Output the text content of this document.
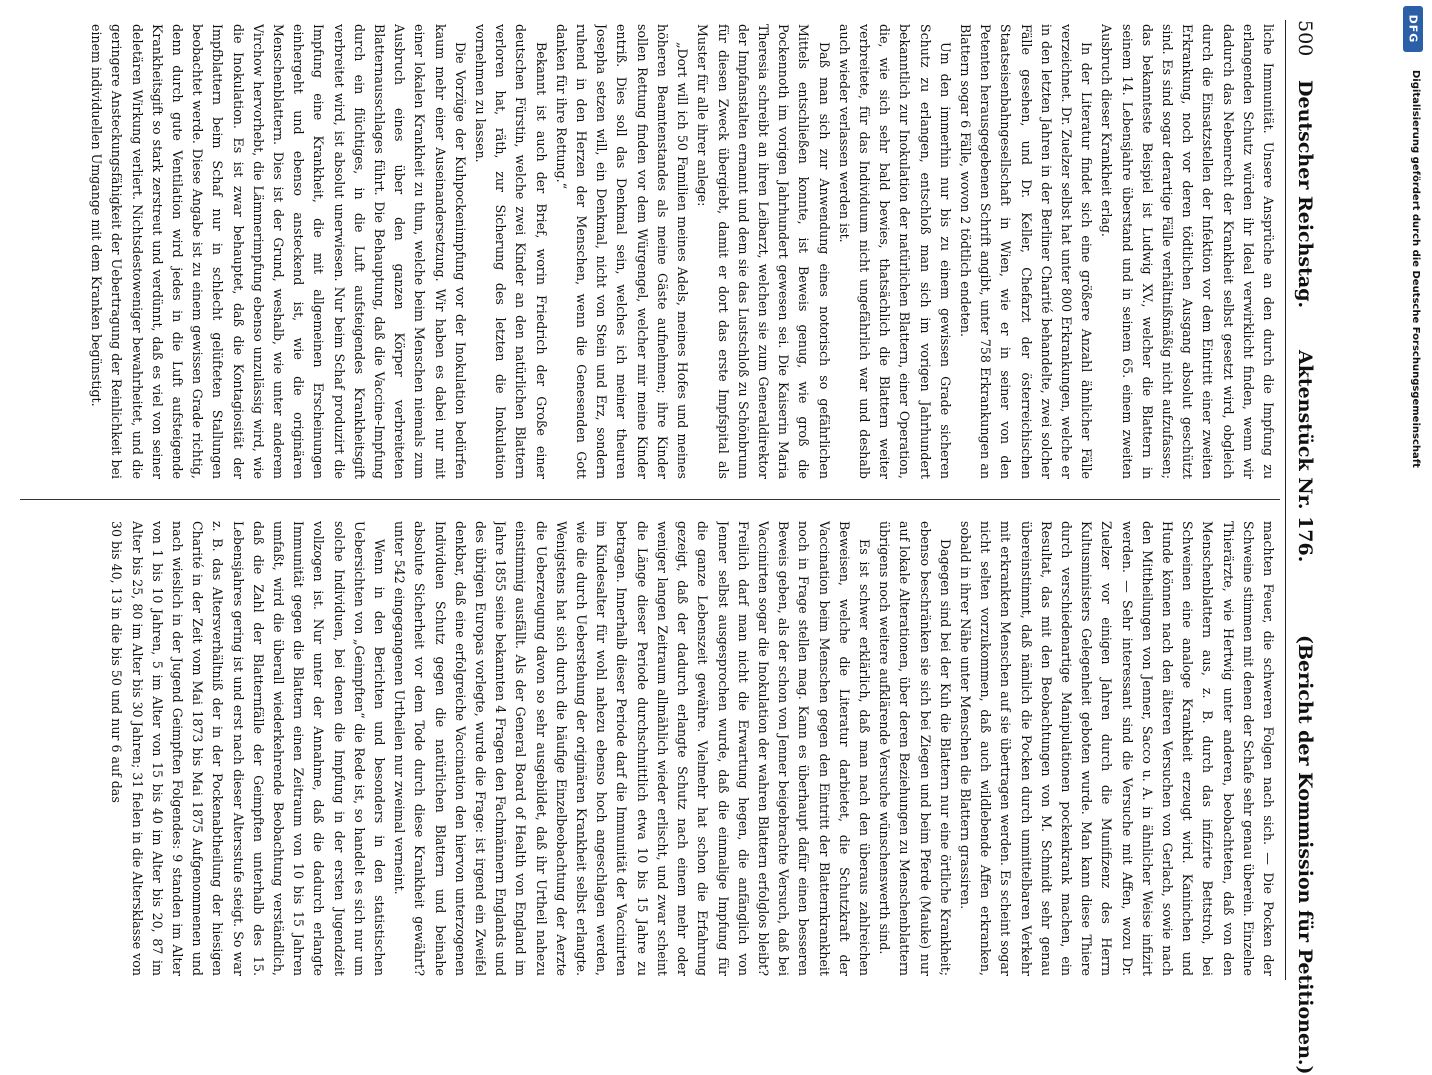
500
Deutscher Reichstag.
Aktenstück Nr. 176.
(Bericht der Kommission für Petitionen.)

liche Immunität. Unsere Ansprüche an den durch die Impfung zu erlangenden Schutz würden ihr Ideal verwirklicht finden, wenn wir dadurch das Nebenrecht der Krankheit selbst gesetzt wird, obgleich durch die Einsatzstellen der Infektion vor dem Eintritt einer zweiten Erkrankung, noch vor deren tödtlichen Ausgang absolut geschützt sind. Es sind sogar derartige Fälle verhältnißmäßig nicht aufzufassen; das bekannteste Beispiel ist Ludwig XV., welcher die Blattern in seinem 14. Lebensjahre überstand und in seinem 65. einem zweiten Ausbruch dieser Krankheit erlag.

In der Literatur findet sich eine größere Anzahl ähnlicher Fälle verzeichnet. Dr. Zuelzer selbst hat unter 800 Erkrankungen, welche er in den letzten Jahren in der Berliner Charité behandelte, zwei solcher Fälle gesehen, und Dr. Keller, Chefarzt der österreichischen Staatseisenbahngesellschaft in Wien, wie er in seiner von den Petenten herausgegebenen Schrift angibt, unter 758 Erkrankungen an Blattern sogar 6 Fälle, wovon 2 tödtlich endeten.

Um den immerhin nur bis zu einem gewissen Grade sicheren Schutz zu erlangen, entschloß man sich im vorigen Jahrhundert bekanntlich zur Inokulation der natürlichen Blattern, einer Operation, die, wie sich sehr bald bewies, thatsächlich die Blattern weiter verbreitete, für das Individuum nicht ungefährlich war und deshalb auch wieder verlassen werden ist.

Daß man sich zur Anwendung eines notorisch so gefährlichen Mittels entschließen konnte, ist Beweis genug, wie groß die Pockennoth im vorigen Jahrhundert gewesen sei. Die Kaiserin Maria Theresia schreibt an ihren Leibarzt, welchen sie zum Generaldirektor der Impfanstalten ernannt und dem sie das Lustschloß zu Schönbrunn für diesen Zweck übergiebt, damit er dort das erste Impfspital als Muster für alle ihrer anlege:

„Dort will ich 50 Familien meines Adels, meines Hofes und meines höheren Beamtenstandes als meine Gäste aufnehmen; ihre Kinder sollen Rettung finden vor dem Würgengel, welcher mir meine Kinder entriß. Dies soll das Denkmal sein, welches ich meiner theuren Josepha setzen will, ein Denkmal, nicht von Stein und Erz, sondern ruhend in den Herzen der Menschen, wenn die Genesenden Gott danken für ihre Rettung.“

Bekannt ist auch der Brief, worin Friedrich der Große einer deutschen Fürstin, welche zwei Kinder an den natürlichen Blattern verloren hat, räth, zur Sicherung des letzten die Inokulation vornehmen zu lassen.

Die Vorzüge der Kuhpockenimpfung vor der Inokulation bedürfen kaum mehr einer Auseinandersetzung. Wir haben es dabei nur mit einer lokalen Krankheit zu thun, welche beim Menschen niemals zum Ausbruch eines über den ganzen Körper verbreiteten Blatternausschlages führt. Die Behauptung, daß die Vaccine-Impfung durch ein flüchtiges, in die Luft aufsteigendes Krankheitsgift verbreitet wird, ist absolut unerwiesen. Nur beim Schaf produzirt die Impfung eine Krankheit, die mit allgemeinen Erscheinungen einhergeht und ebenso ansteckend ist, wie die originären Menschenblattern. Dies ist der Grund, weshalb, wie unter anderem Virchow hervorhebt, die Lämmerimpfung ebenso unzulässig wird, wie die Inokulation. Es ist zwar behauptet, daß die Kontagiosität der Impfblattern beim Schaf nur in schlecht gelüfteten Stallungen beobachtet werde. Diese Angabe ist zu einem gewissen Grade richtig, denn durch gute Ventilation wird jedes in die Luft aufsteigende Krankheitsgift so stark zerstreut und verdünnt, daß es viel von seiner deletären Wirkung verliert. Nichtsdestoweniger bewahrheitet, und die geringere Ansteckungsfähigkeit der Uebertragung der Reinlichkeit bei einem individuellen Umgange mit dem Kranken begünstigt.

machten Feuer, die schweren Folgen nach sich. — Die Pocken der Schweine stimmen mit denen der Schafe sehr genau überein. Einzelne Thierärzte, wie Hertwig unter anderen, beobachteten, daß von den Menschenblattern aus, z. B. durch das infizirte Bettstroh, bei Schweinen eine analoge Krankheit erzeugt wird. Kaninchen und Hunde können nach den älteren Versuchen von Gerlach, sowie nach den Mittheilungen von Jenner, Sacco u. A. in ähnlicher Weise infizirt werden. — Sehr interessant sind die Versuche mit Affen, wozu Dr. Zuelzer vor einigen Jahren durch die Munifizenz des Herrn Kultusministers Gelegenheit geboten wurde. Man kann diese Thiere durch verschiedenartige Manipulationen pockenkrank machen, ein Resultat, das mit den Beobachtungen von M. Schmidt sehr genau übereinstimmt, daß nämlich die Pocken durch unmittelbaren Verkehr mit erkrankten Menschen auf sie übertragen werden. Es scheint sogar nicht selten vorzukommen, daß auch wildlebende Affen erkranken, sobald in ihrer Nähe unter Menschen die Blattern grassiren.

Dagegen sind bei der Kuh die Blattern nur eine örtliche Krankheit; ebenso beschränken sie sich bei Ziegen und beim Pferde (Mauke) nur auf lokale Alterationen, über deren Beziehungen zu Menschenblattern übrigens noch weitere aufklärende Versuche wünschenswerth sind.

Es ist schwer erklärlich, daß man nach den überaus zahlreichen Beweisen, welche die Literatur darbietet, die Schutzkraft der Vaccination beim Menschen gegen den Eintritt der Blatternkrankheit noch in Frage stellen mag. Kann es überhaupt dafür einen besseren Beweis geben, als der schon von Jenner beigebrachte Versuch, daß bei Vaccinirten sogar die Inokulation der wahren Blattern erfolglos bleibt? Freilich darf man nicht die Erwartung hegen, die anfänglich von Jenner selbst ausgesprochen wurde, daß die einmalige Impfung für die ganze Lebenszeit gewähre. Vielmehr hat schon die Erfahrung gezeigt, daß der dadurch erlangte Schutz nach einem mehr oder weniger langen Zeitraum allmählich wieder erlischt, und zwar scheint die Länge dieser Periode durchschnittlich etwa 10 bis 15 Jahre zu betragen. Innerhalb dieser Periode darf die Immunität der Vaccinirten im Kindesalter für wohl nahezu ebenso hoch angeschlagen werden, wie die durch Ueberstehung der originären Krankheit selbst erlangte. Wenigstens hat sich durch die häufige Einzelbeobachtung der Aerzte die Ueberzeugung davon so sehr ausgebildet, daß ihr Urtheil nahezu einstimmig ausfällt. Als der General Board of Health von England im Jahre 1855 seine bekannten 4 Fragen den Fachmännern Englands und des übrigen Europas vorlegte, wurde die Frage: ist irgend ein Zweifel denkbar, daß eine erfolgreiche Vaccination den hiervon unterzogenen Individuen Schutz gegen die natürlichen Blattern und beinahe absolute Sicherheit vor dem Tode durch diese Krankheit gewährt? unter 542 eingegangenen Urtheilen nur zweimal verneint.

Wenn in den Berichten und besonders in den statistischen Uebersichten von „Geimpften“ die Rede ist, so handelt es sich nur um solche Individuen, bei denen die Impfung in der ersten Jugendzeit vollzogen ist. Nur unter der Annahme, daß die dadurch erlangte Immunität gegen die Blattern einen Zeitraum von 10 bis 15 Jahren umfaßt, wird die überall wiederkehrende Beobachtung verständlich, daß die Zahl der Blatternfälle der Geimpften unterhalb des 15. Lebensjahres gering ist und erst nach dieser Altersstufe steigt. So war z. B. das Altersverhältniß der in der Pockenabtheilung der hiesigen Charité in der Zeit vom Mai 1873 bis Mai 1875 Aufgenommenen und nach wieslich in der Jugend Geimpften Folgendes: 9 standen im Alter von 1 bis 10 Jahren, 5 im Alter von 15 bis 40 im Alter bis 20, 87 im Alter bis 25, 80 im Alter bis 30 Jahren; 31 fielen in die Altersklasse von 30 bis 40, 13 in die bis 50 und nur 6 auf das

DFG
Digitalisierung gefördert durch die Deutsche Forschungsgemeinschaft
